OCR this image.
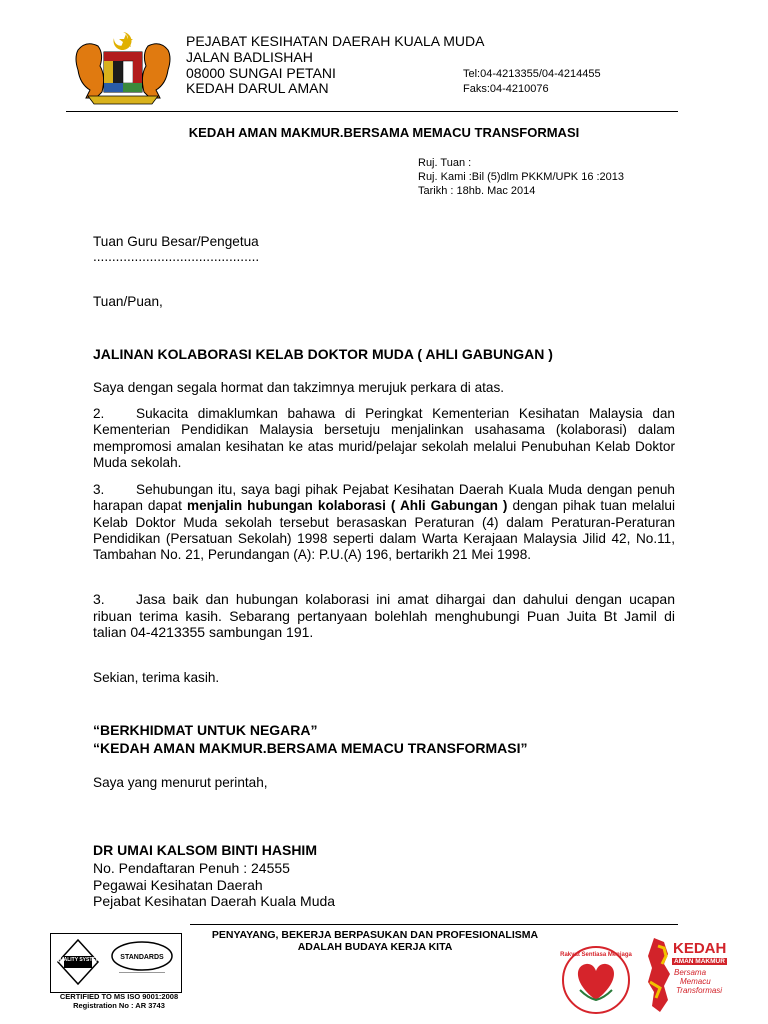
PEJABAT KESIHATAN DAERAH KUALA MUDA
JALAN BADLISHAH
08000 SUNGAI PETANI
KEDAH DARUL AMAN
Tel:04-4213355/04-4214455
Faks:04-4210076
KEDAH AMAN MAKMUR.BERSAMA MEMACU TRANSFORMASI
Ruj. Tuan :
Ruj. Kami :Bil (5)dlm PKKM/UPK 16 :2013
Tarikh : 18hb. Mac 2014
Tuan Guru Besar/Pengetua
............................................
Tuan/Puan,
JALINAN KOLABORASI KELAB DOKTOR MUDA ( AHLI GABUNGAN )
Saya dengan segala hormat dan takzimnya merujuk perkara di atas.
2. Sukacita dimaklumkan bahawa di Peringkat Kementerian Kesihatan Malaysia dan Kementerian Pendidikan Malaysia bersetuju menjalinkan usahasama (kolaborasi) dalam mempromosi amalan kesihatan ke atas murid/pelajar sekolah melalui Penubuhan Kelab Doktor Muda sekolah.
3. Sehubungan itu, saya bagi pihak Pejabat Kesihatan Daerah Kuala Muda dengan penuh harapan dapat menjalin hubungan kolaborasi ( Ahli Gabungan ) dengan pihak tuan melalui Kelab Doktor Muda sekolah tersebut berasaskan Peraturan (4) dalam Peraturan-Peraturan Pendidikan (Persatuan Sekolah) 1998 seperti dalam Warta Kerajaan Malaysia Jilid 42, No.11, Tambahan No. 21, Perundangan (A): P.U.(A) 196, bertarikh 21 Mei 1998.
3. Jasa baik dan hubungan kolaborasi ini amat dihargai dan dahului dengan ucapan ribuan terima kasih. Sebarang pertanyaan bolehlah menghubungi Puan Juita Bt Jamil di talian 04-4213355 sambungan 191.
Sekian, terima kasih.
“BERKHIDMAT UNTUK NEGARA”
“KEDAH AMAN MAKMUR.BERSAMA MEMACU TRANSFORMASI”
Saya yang menurut perintah,
DR UMAI KALSOM BINTI HASHIM
No. Pendaftaran Penuh : 24555
Pegawai Kesihatan Daerah
Pejabat Kesihatan Daerah Kuala Muda
PENYAYANG, BEKERJA BERPASUKAN DAN PROFESIONALISMA
ADALAH BUDAYA KERJA KITA
QUALITY SYSTEM	STANDARDS
CERTIFIED TO MS ISO 9001:2008
Registration No : AR 3743
Rakyat Sentiasa Menjaga	KEDAH
AMAN MAKMUR
Bersama
Memacu
Transformasi
